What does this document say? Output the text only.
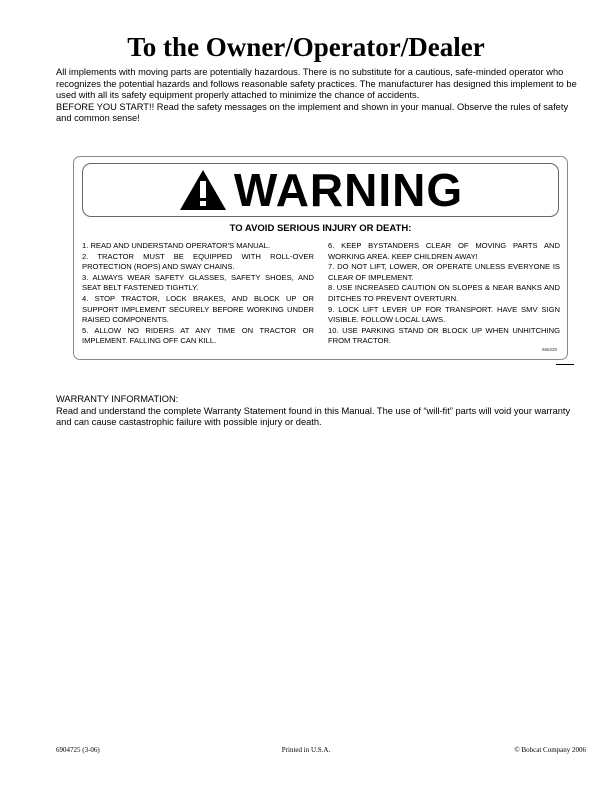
To the Owner/Operator/Dealer

All implements with moving parts are potentially hazardous. There is no substitute for a cautious, safe-minded operator who recognizes the potential hazards and follows reasonable safety practices. The manufacturer has designed this implement to be used with all its safety equipment properly attached to minimize the chance of accidents.

BEFORE YOU START!! Read the safety messages on the implement and shown in your manual. Observe the rules of safety and common sense!

WARNING
TO AVOID SERIOUS INJURY OR DEATH:
1. READ AND UNDERSTAND OPERATOR'S MANUAL.
2. TRACTOR MUST BE EQUIPPED WITH ROLL-OVER PROTECTION (ROPS) AND SWAY CHAINS.
3. ALWAYS WEAR SAFETY GLASSES, SAFETY SHOES, AND SEAT BELT FASTENED TIGHTLY.
4. STOP TRACTOR, LOCK BRAKES, AND BLOCK UP OR SUPPORT IMPLEMENT SECURELY BEFORE WORKING UNDER RAISED COMPONENTS.
5. ALLOW NO RIDERS AT ANY TIME ON TRACTOR OR IMPLEMENT. FALLING OFF CAN KILL.
6. KEEP BYSTANDERS CLEAR OF MOVING PARTS AND WORKING AREA. KEEP CHILDREN AWAY!
7. DO NOT LIFT, LOWER, OR OPERATE UNLESS EVERYONE IS CLEAR OF IMPLEMENT.
8. USE INCREASED CAUTION ON SLOPES & NEAR BANKS AND DITCHES TO PREVENT OVERTURN.
9. LOCK LIFT LEVER UP FOR TRANSPORT. HAVE SMV SIGN VISIBLE. FOLLOW LOCAL LAWS.
10. USE PARKING STAND OR BLOCK UP WHEN UNHITCHING FROM TRACTOR.
666220

WARRANTY INFORMATION:

Read and understand the complete Warranty Statement found in this Manual. The use of “will-fit” parts will void your warranty and can cause castastrophic failure with possible injury or death.

6904725 (3-06)	Printed in U.S.A.	© Bobcat Company 2006
